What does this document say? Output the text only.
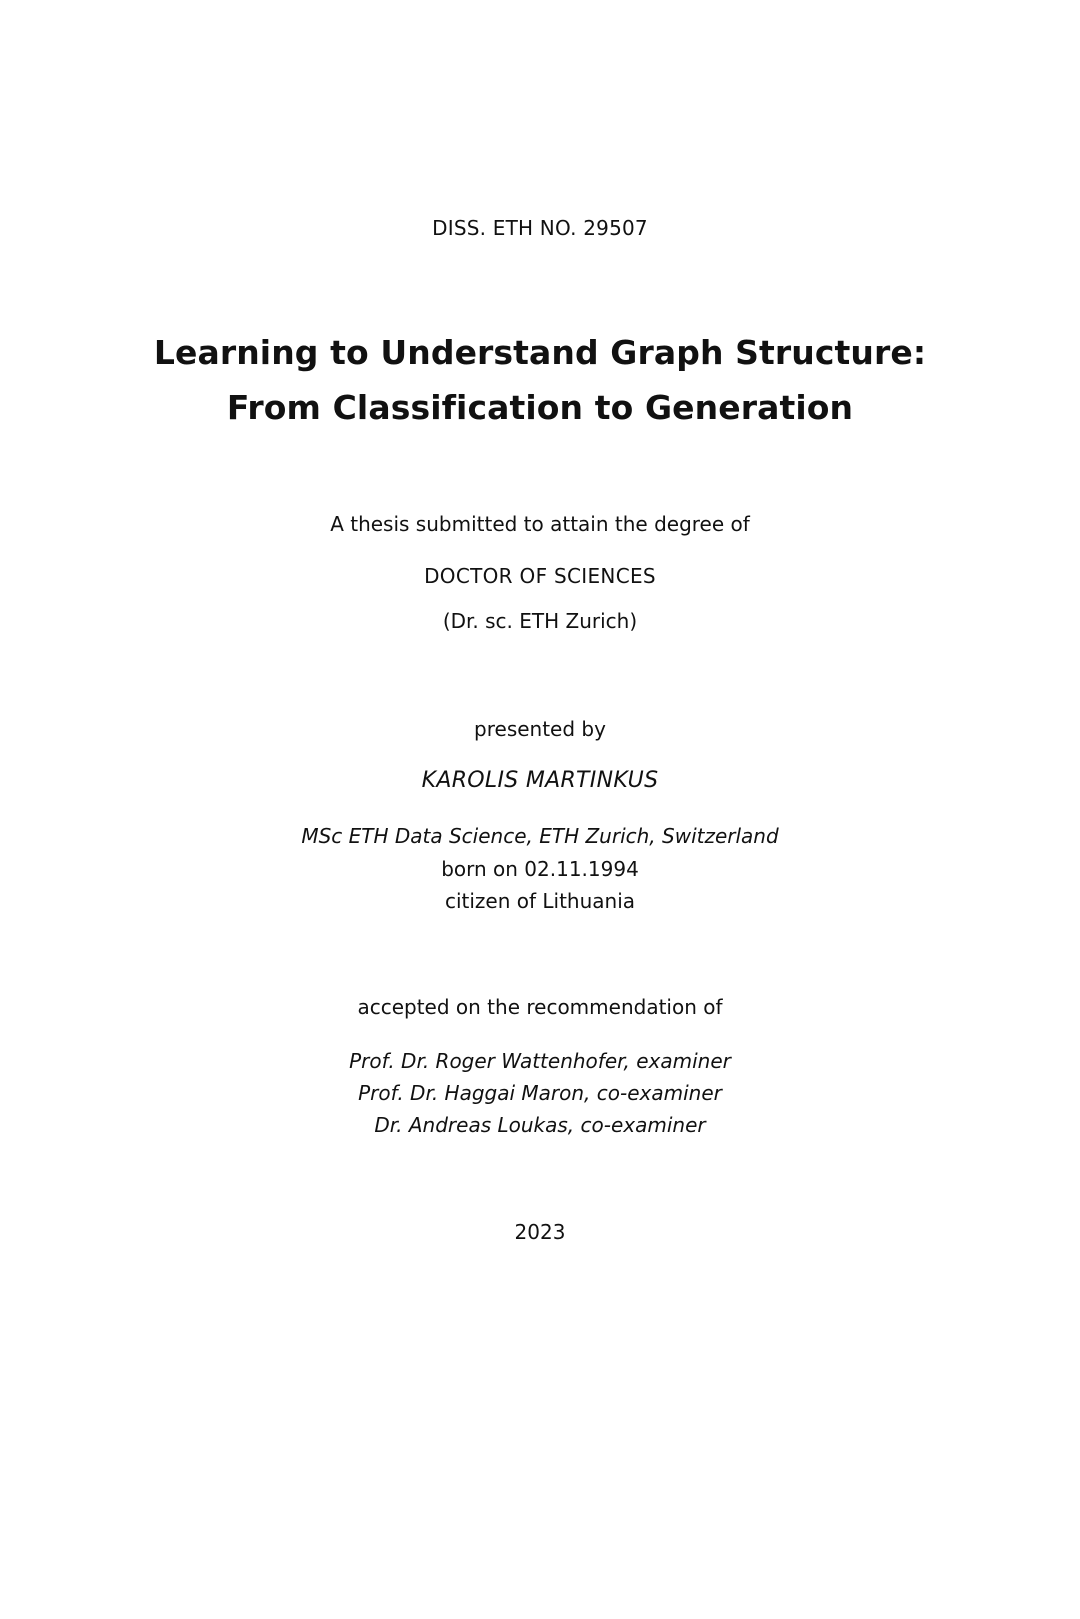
DISS. ETH NO. 29507
Learning to Understand Graph Structure:
From Classification to Generation
A thesis submitted to attain the degree of
DOCTOR OF SCIENCES
(Dr. sc. ETH Zurich)
presented by
KAROLIS MARTINKUS
MSc ETH Data Science, ETH Zurich, Switzerland
born on 02.11.1994
citizen of Lithuania
accepted on the recommendation of
Prof. Dr. Roger Wattenhofer, examiner
Prof. Dr. Haggai Maron, co-examiner
Dr. Andreas Loukas, co-examiner
2023
